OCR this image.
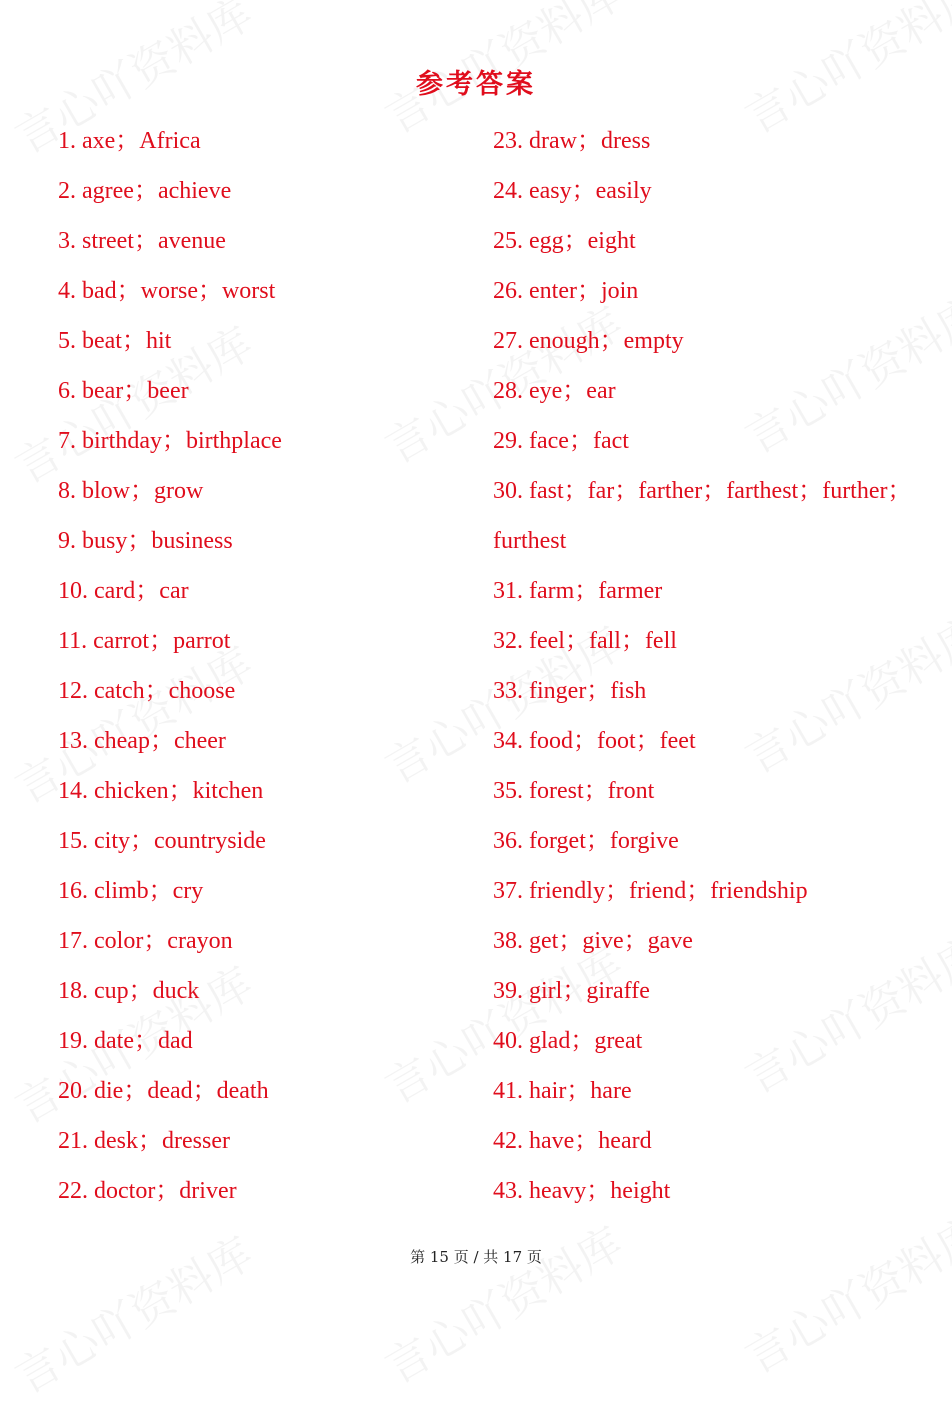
参考答案
1. axe；Africa
2. agree；achieve
3. street；avenue
4. bad；worse；worst
5. beat；hit
6. bear；beer
7. birthday；birthplace
8. blow；grow
9. busy；business
10. card；car
11. carrot；parrot
12. catch；choose
13. cheap；cheer
14. chicken；kitchen
15. city；countryside
16. climb；cry
17. color；crayon
18. cup；duck
19. date；dad
20. die；dead；death
21. desk；dresser
22. doctor；driver
23. draw；dress
24. easy；easily
25. egg；eight
26. enter；join
27. enough；empty
28. eye；ear
29. face；fact
30. fast；far；farther；farthest；further；furthest
31. farm；farmer
32. feel；fall；fell
33. finger；fish
34. food；foot；feet
35. forest；front
36. forget；forgive
37. friendly；friend；friendship
38. get；give；gave
39. girl；giraffe
40. glad；great
41. hair；hare
42. have；heard
43. heavy；height
第 15 页 / 共 17 页
